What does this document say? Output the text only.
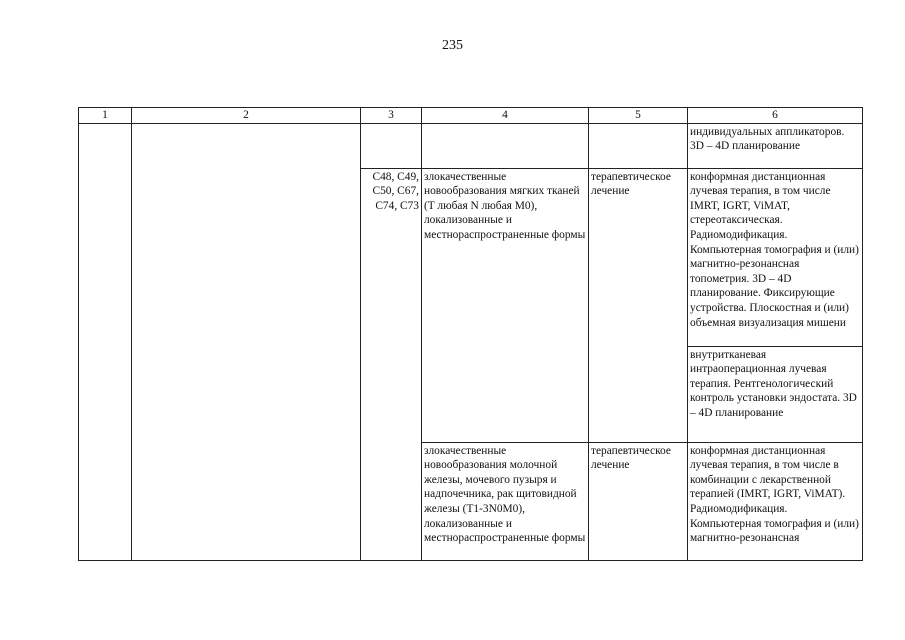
235
1	2	3	4	5	6
					индивидуальных аппликаторов. 3D – 4D планирование
		C48, C49, C50, C67, C74, C73	злокачественные новообразования мягких тканей (T любая N любая M0), локализованные и местнораспространенные формы	терапевтическое лечение	конформная дистанционная лучевая терапия, в том числе IMRT, IGRT, ViMAT, стереотаксическая. Радиомодификация. Компьютерная томография и (или) магнитно-резонансная топометрия. 3D – 4D планирование. Фиксирующие устройства. Плоскостная и (или) объемная визуализация мишени
					внутритканевая интраоперационная лучевая терапия. Рентгенологический контроль установки эндостата. 3D – 4D планирование
			злокачественные новообразования молочной железы, мочевого пузыря и надпочечника, рак щитовидной железы (T1-3N0M0), локализованные и местнораспространенные формы	терапевтическое лечение	конформная дистанционная лучевая терапия, в том числе в комбинации с лекарственной терапией (IMRT, IGRT, ViMAT). Радиомодификация. Компьютерная томография и (или) магнитно-резонансная
